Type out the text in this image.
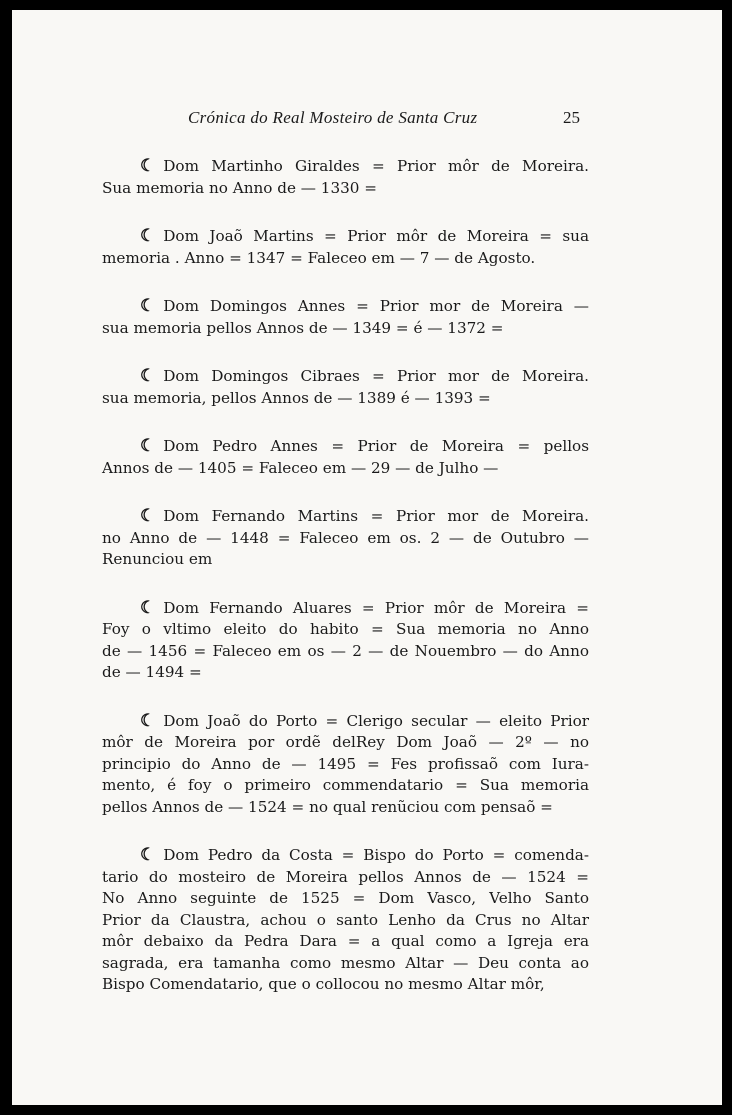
Crónica do Real Mosteiro de Santa Cruz	25
☾ Dom Martinho Giraldes = Prior môr de Moreira.
Sua memoria no Anno de — 1330 =
☾ Dom Joaõ Martins = Prior môr de Moreira = sua
memoria . Anno = 1347 = Faleceo em — 7 — de Agosto.
☾ Dom Domingos Annes = Prior mor de Moreira —
sua memoria pellos Annos de — 1349 = é — 1372 =
☾ Dom Domingos Cibraes = Prior mor de Moreira.
sua memoria, pellos Annos de — 1389 é — 1393 =
☾ Dom Pedro Annes = Prior de Moreira = pellos
Annos de — 1405 = Faleceo em — 29 — de Julho —
☾ Dom Fernando Martins = Prior mor de Moreira.
no Anno de — 1448 = Faleceo em os. 2 — de Outubro —
Renunciou em
☾ Dom Fernando Aluares = Prior môr de Moreira =
Foy o vltimo eleito do habito = Sua memoria no Anno
de — 1456 = Faleceo em os — 2 — de Nouembro — do Anno
de — 1494 =
☾ Dom Joaõ do Porto = Clerigo secular — eleito Prior
môr de Moreira por ordẽ delRey Dom Joaõ — 2º — no
principio do Anno de — 1495 = Fes profissaõ com Iura-
mento, é foy o primeiro commendatario = Sua memoria
pellos Annos de — 1524 = no qual renũciou com pensaõ =
☾ Dom Pedro da Costa = Bispo do Porto = comenda-
tario do mosteiro de Moreira pellos Annos de — 1524 =
No Anno seguinte de 1525 = Dom Vasco, Velho Santo
Prior da Claustra, achou o santo Lenho da Crus no Altar
môr debaixo da Pedra Dara = a qual como a Igreja era
sagrada, era tamanha como mesmo Altar — Deu conta ao
Bispo Comendatario, que o collocou no mesmo Altar môr,
